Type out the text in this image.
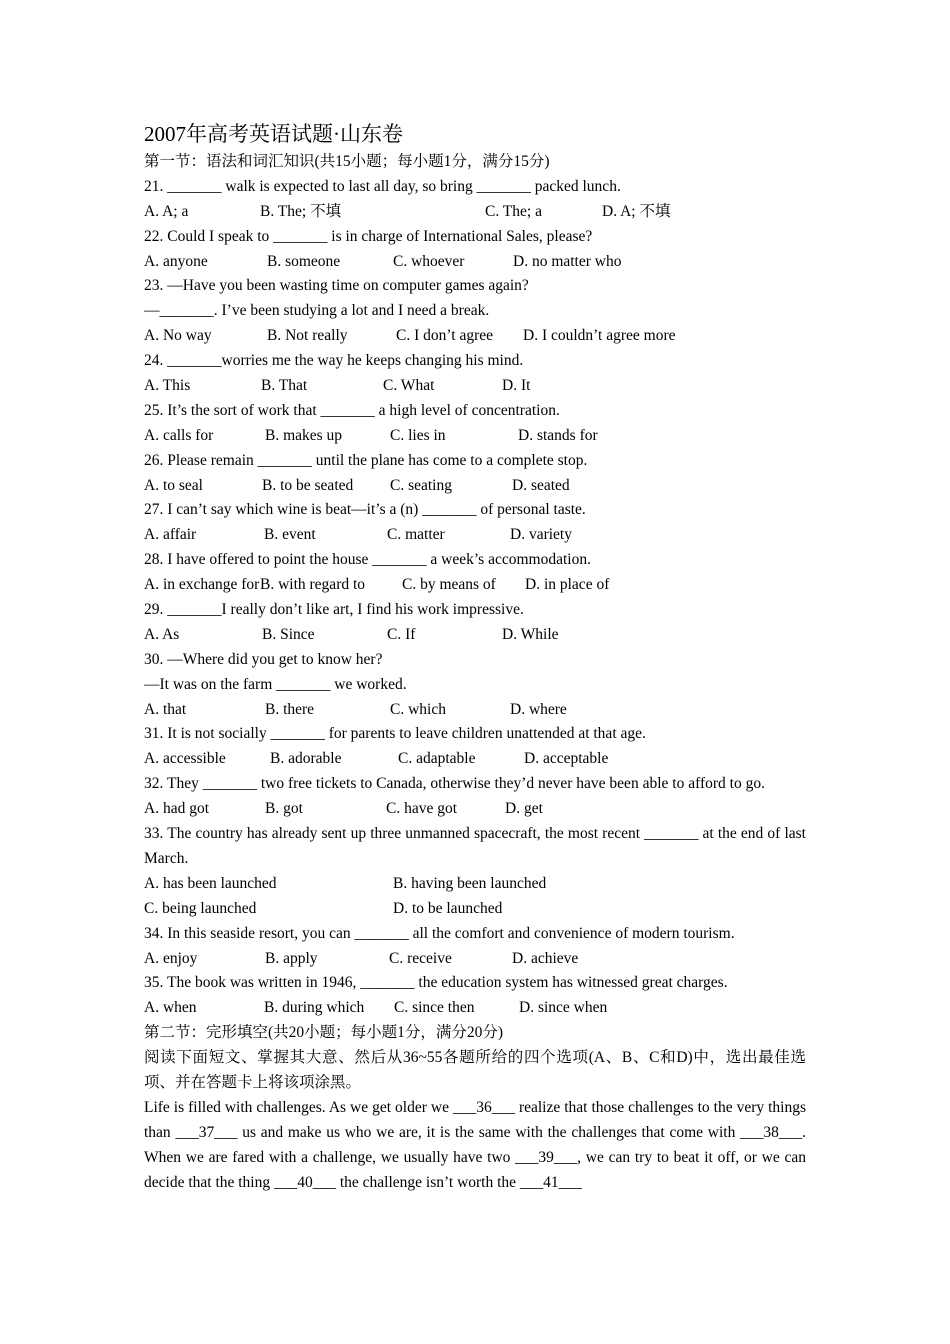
2007年高考英语试题·山东卷
第一节：语法和词汇知识(共15小题；每小题1分，满分15分)
21. _______ walk is expected to last all day, so bring _______ packed lunch.
A. A; a	B. The; 不填	C. The; a	D. A; 不填
22. Could I speak to _______ is in charge of International Sales, please?
A. anyone	B. someone	C. whoever	D. no matter who
23. —Have you been wasting time on computer games again?
—_______. I’ve been studying a lot and I need a break.
A. No way	B. Not really	C. I don’t agree D. I couldn’t agree more
24. _______worries me the way he keeps changing his mind.
A. This	B. That	C. What	D. It
25. It’s the sort of work that _______ a high level of concentration.
A. calls for	B. makes up	C. lies in	D. stands for
26. Please remain _______ until the plane has come to a complete stop.
A. to seal	B. to be seated C. seating	D. seated
27. I can’t say which wine is beat—it’s a (n) _______ of personal taste.
A. affair	B. event	C. matter	D. variety
28. I have offered to point the house _______ a week’s accommodation.
A. in exchange for B. with regard to C. by means of D. in place of
29. _______I really don’t like art, I find his work impressive.
A. As	B. Since	C. If	D. While
30. —Where did you get to know her?
—It was on the farm _______ we worked.
A. that	B. there	C. which	D. where
31. It is not socially _______ for parents to leave children unattended at that age.
A. accessible	B. adorable	C. adaptable	D. acceptable
32. They _______ two free tickets to Canada, otherwise they’d never have been able to afford to go.
A. had got	B. got	C. have got	D. get
33. The country has already sent up three unmanned spacecraft, the most recent _______ at the end of last March.
A. has been launched	B. having been launched
C. being launched	D. to be launched
34. In this seaside resort, you can _______ all the comfort and convenience of modern tourism.
A. enjoy	B. apply	C. receive	D. achieve
35. The book was written in 1946, _______ the education system has witnessed great charges.
A. when	B. during which C. since then	D. since when
第二节：完形填空(共20小题；每小题1分，满分20分)
阅读下面短文、掌握其大意、然后从36~55各题所给的四个选项(A、B、C和D)中，选出最佳选项、并在答题卡上将该项涂黑。
Life is filled with challenges. As we get older we ___36___ realize that those challenges to the very things than ___37___ us and make us who we are, it is the same with the challenges that come with ___38___. When we are fared with a challenge, we usually have two ___39___, we can try to beat it off, or we can decide that the thing ___40___ the challenge isn’t worth the ___41___
